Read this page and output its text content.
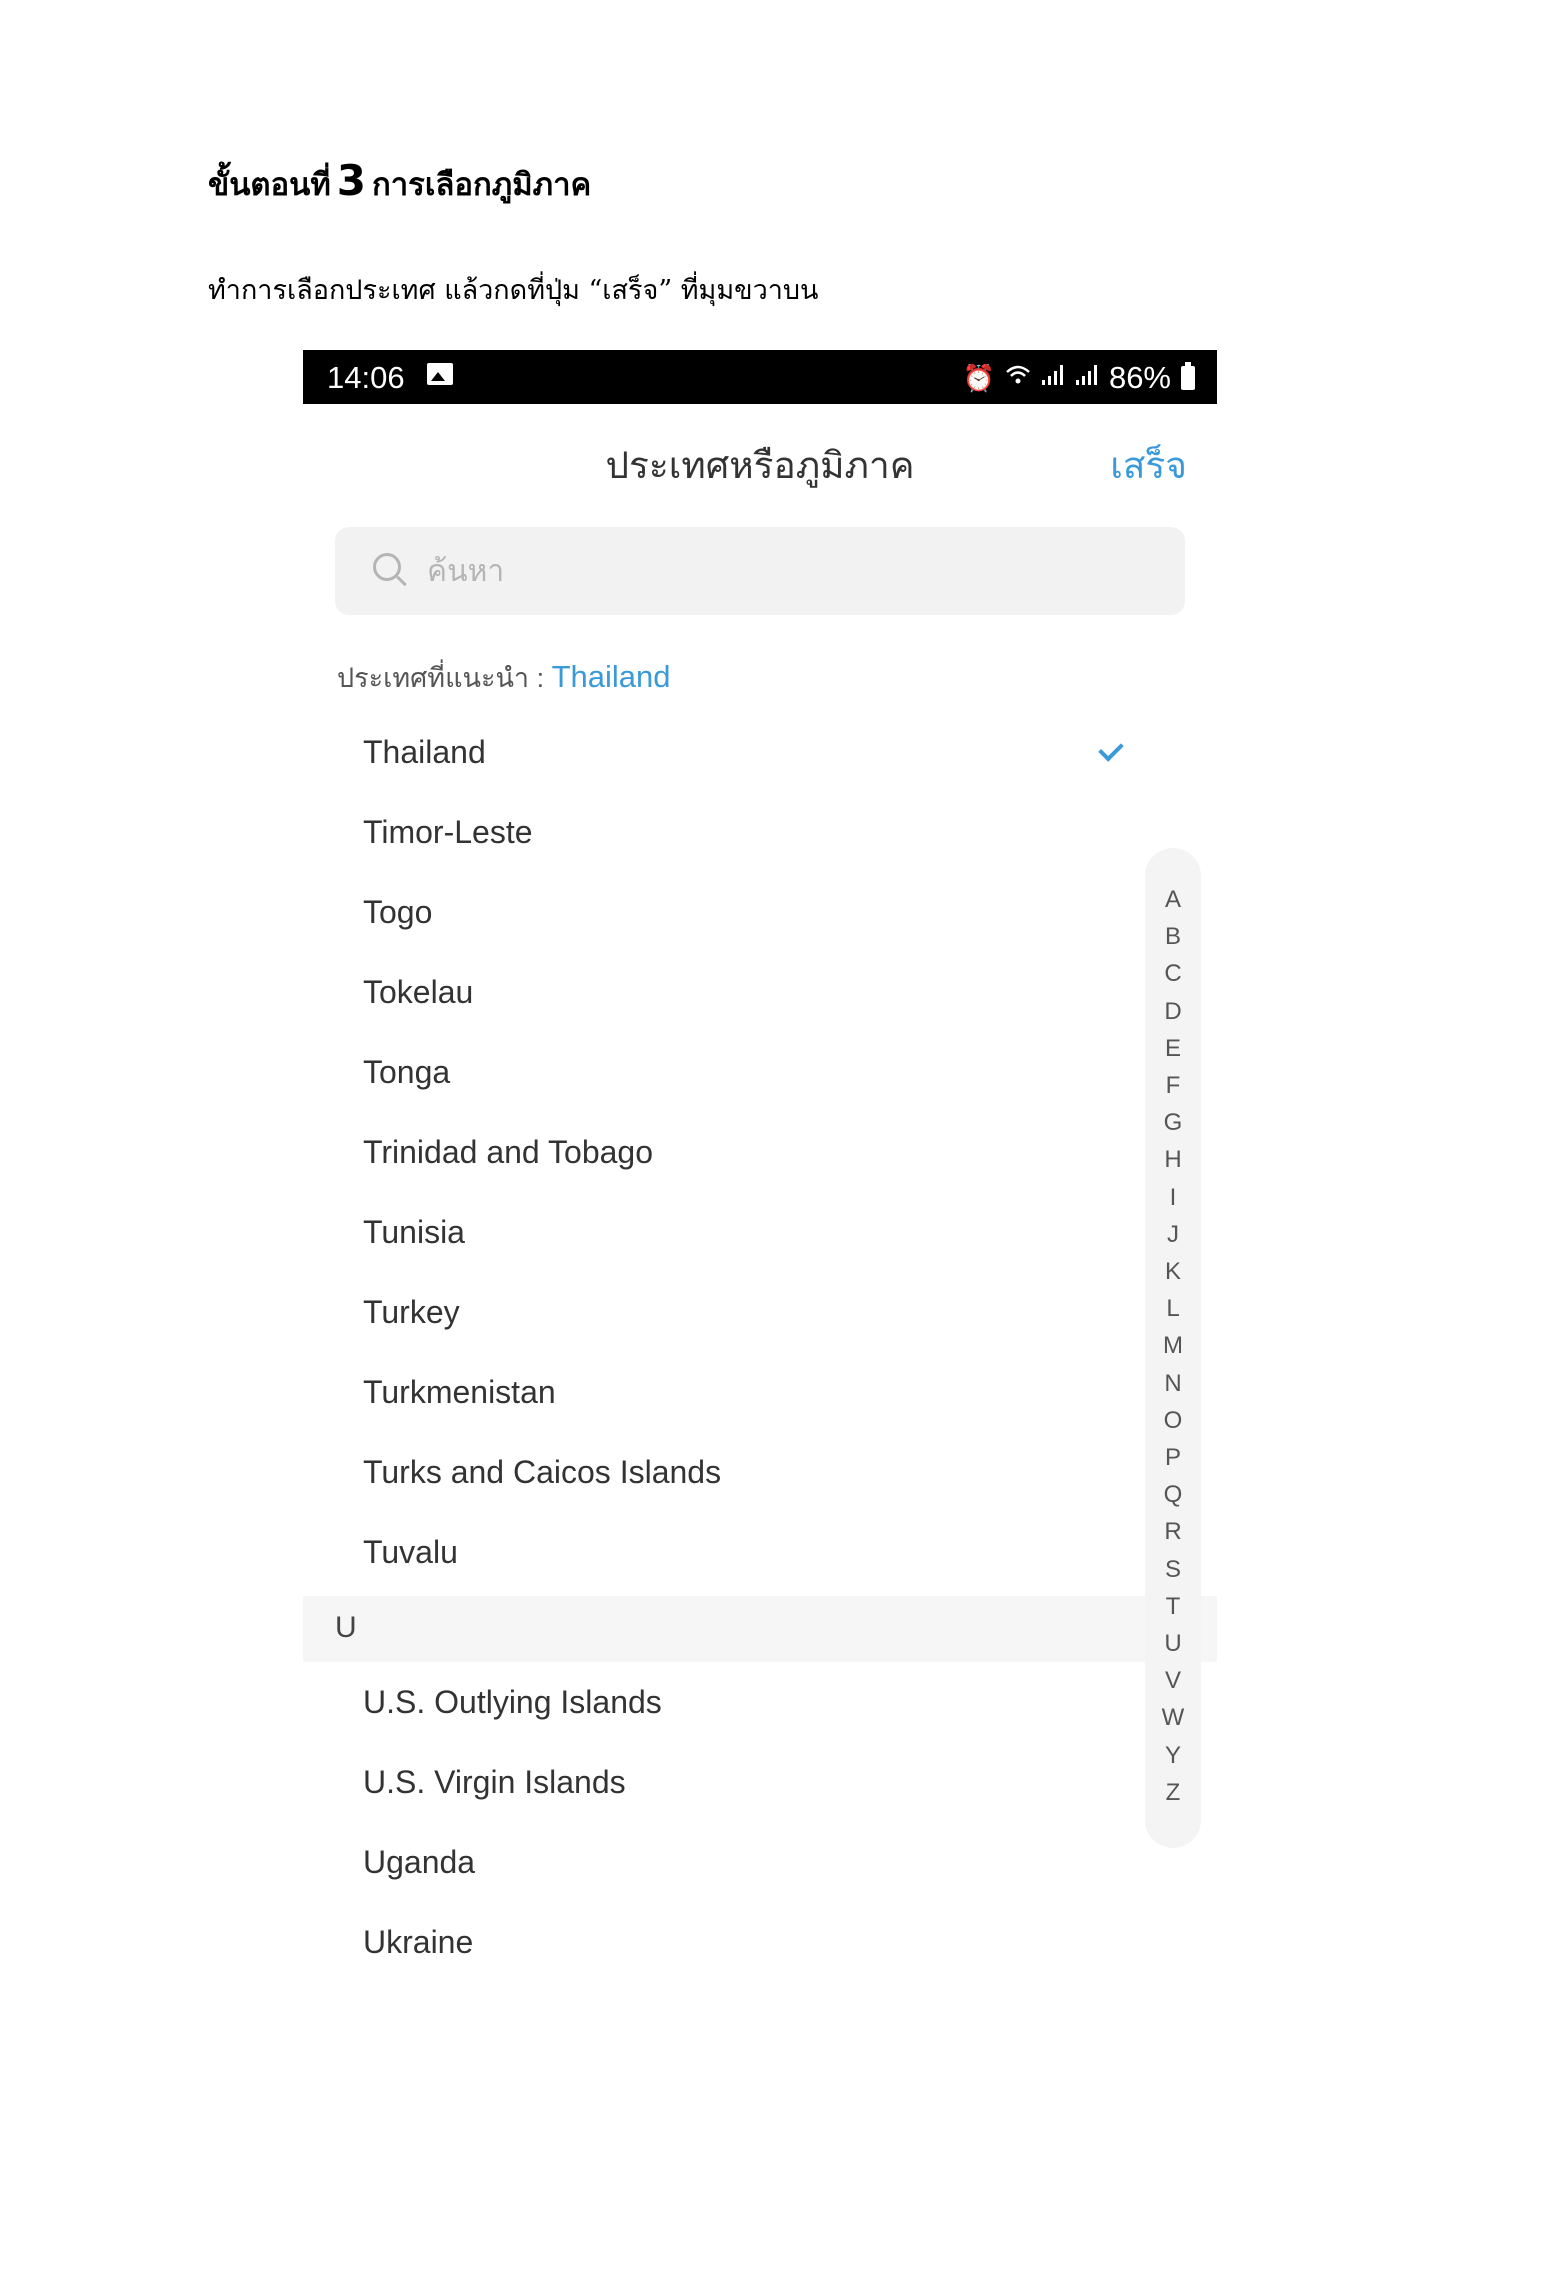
ขั้นตอนที่ 3 การเลือกภูมิภาค
ทำการเลือกประเทศ แล้วกดที่ปุ่ม “เสร็จ” ที่มุมขวาบน
14:06	⏰	86%
ประเทศหรือภูมิภาค	เสร็จ
ค้นหา
ประเทศที่แนะนำ : Thailand
Thailand
Timor-Leste
Togo
Tokelau
Tonga
Trinidad and Tobago
Tunisia
Turkey
Turkmenistan
Turks and Caicos Islands
Tuvalu
U
U.S. Outlying Islands
U.S. Virgin Islands
Uganda
Ukraine
A
B
C
D
E
F
G
H
I
J
K
L
M
N
O
P
Q
R
S
T
U
V
W
Y
Z
